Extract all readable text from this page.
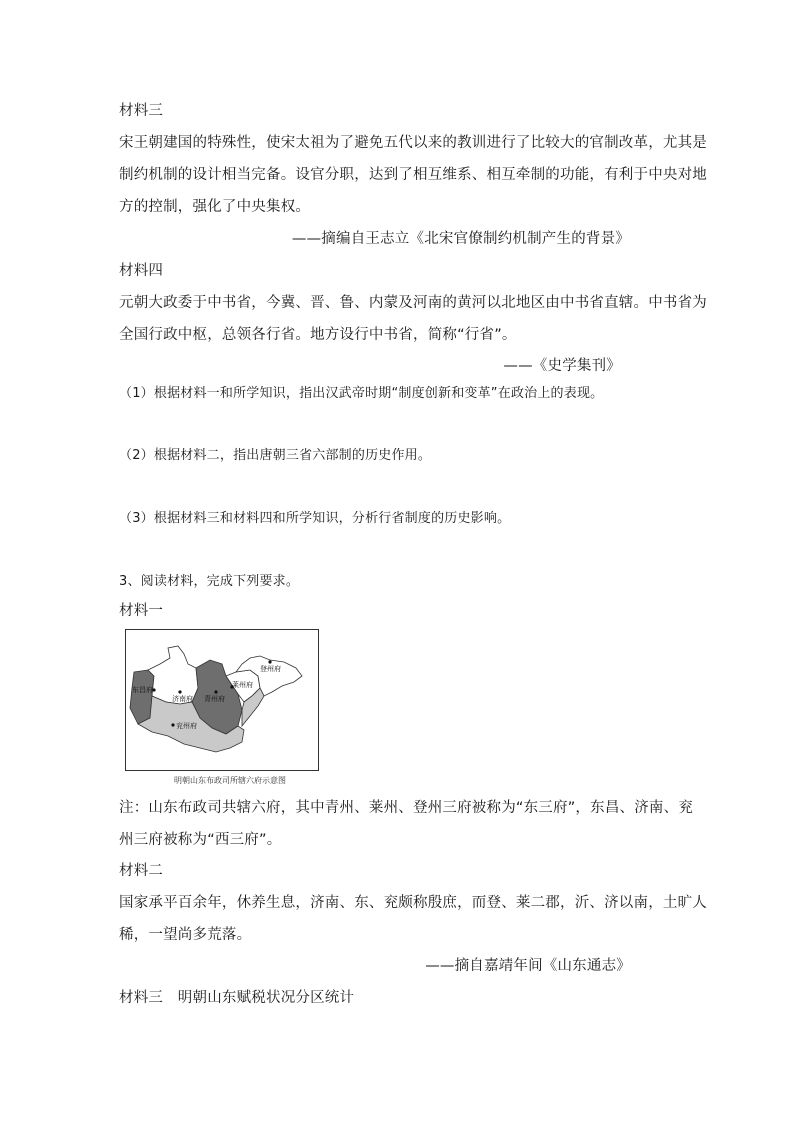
材料三
宋王朝建国的特殊性，使宋太祖为了避免五代以来的教训进行了比较大的官制改革，尤其是
制约机制的设计相当完备。设官分职，达到了相互维系、相互牵制的功能，有利于中央对地
方的控制，强化了中央集权。
——摘编自王志立《北宋官僚制约机制产生的背景》
材料四
元朝大政委于中书省，今冀、晋、鲁、内蒙及河南的黄河以北地区由中书省直辖。中书省为
全国行政中枢，总领各行省。地方设行中书省，简称“行省”。
——《史学集刊》
（1）根据材料一和所学知识，指出汉武帝时期“制度创新和变革”在政治上的表现。
（2）根据材料二，指出唐朝三省六部制的历史作用。
（3）根据材料三和材料四和所学知识，分析行省制度的历史影响。
3、阅读材料，完成下列要求。
材料一
登州府
莱州府
东昌府
济南府 青州府
兖州府
明朝山东布政司所辖六府示意图
注：山东布政司共辖六府，其中青州、莱州、登州三府被称为“东三府”，东昌、济南、兖
州三府被称为“西三府”。
材料二
国家承平百余年，休养生息，济南、东、兖颇称殷庶，而登、莱二郡，沂、济以南，土旷人
稀，一望尚多荒落。
——摘自嘉靖年间《山东通志》
材料三　明朝山东赋税状况分区统计
